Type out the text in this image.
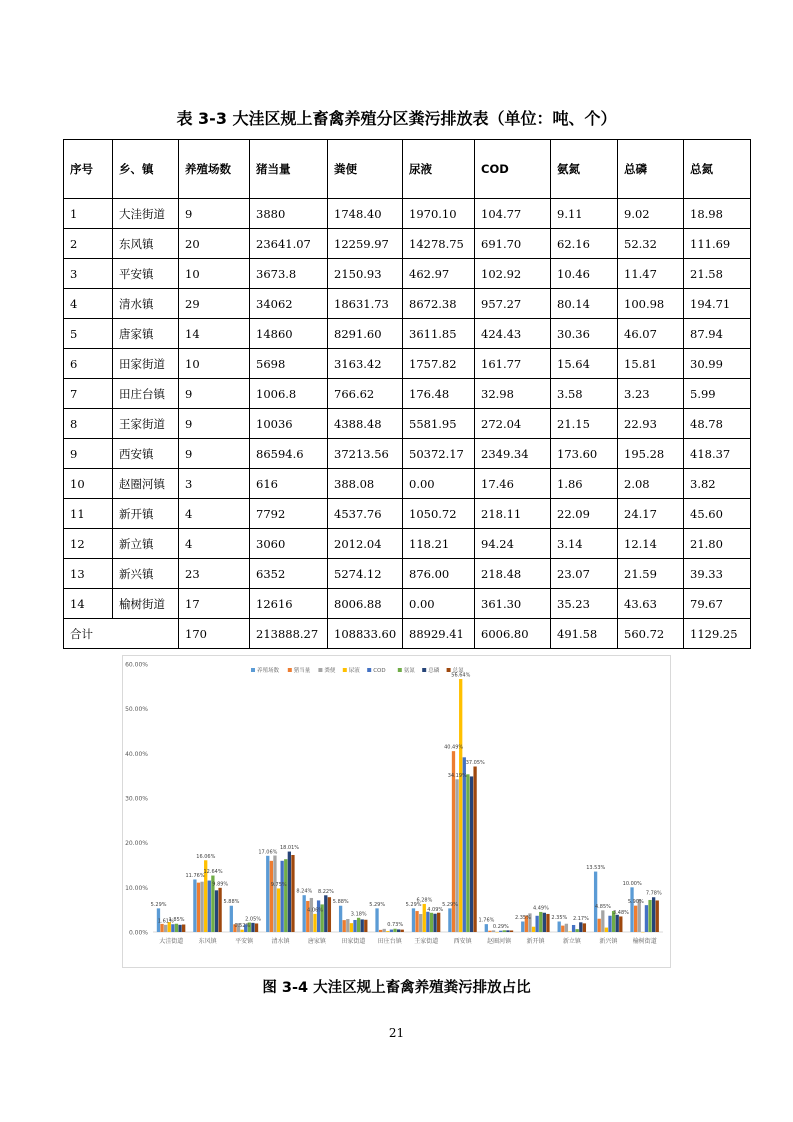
表 3-3 大洼区规上畜禽养殖分区粪污排放表（单位：吨、个）
序号	乡、镇	养殖场数	猪当量	粪便	尿液	COD	氨氮	总磷	总氮
1	大洼街道	9	3880	1748.40	1970.10	104.77	9.11	9.02	18.98
2	东风镇	20	23641.07	12259.97	14278.75	691.70	62.16	52.32	111.69
3	平安镇	10	3673.8	2150.93	462.97	102.92	10.46	11.47	21.58
4	清水镇	29	34062	18631.73	8672.38	957.27	80.14	100.98	194.71
5	唐家镇	14	14860	8291.60	3611.85	424.43	30.36	46.07	87.94
6	田家街道	10	5698	3163.42	1757.82	161.77	15.64	15.81	30.99
7	田庄台镇	9	1006.8	766.62	176.48	32.98	3.58	3.23	5.99
8	王家街道	9	10036	4388.48	5581.95	272.04	21.15	22.93	48.78
9	西安镇	9	86594.6	37213.56	50372.17	2349.34	173.60	195.28	418.37
10	赵圈河镇	3	616	388.08	0.00	17.46	1.86	2.08	3.82
11	新开镇	4	7792	4537.76	1050.72	218.11	22.09	24.17	45.60
12	新立镇	4	3060	2012.04	118.21	94.24	3.14	12.14	21.80
13	新兴镇	23	6352	5274.12	876.00	218.48	23.07	21.59	39.33
14	榆树街道	17	12616	8006.88	0.00	361.30	35.23	43.63	79.67
合计		170	213888.27	108833.60	88929.41	6006.80	491.58	560.72	1129.25
0.00%
10.00%
20.00%
30.00%
40.00%
50.00%
60.00%
养殖场数	猪当量	粪便 尿液 COD	氨氮 总磷 总氮
大洼街道	东风镇	平安镇	清水镇	唐家镇	田家街道 田庄台镇 王家街道	西安镇	赵圈河镇	新开镇	新立镇	新兴镇	榆树街道
5.29%
1.61%
1.85%
11.76%
16.06%
12.64%
9.89%
5.88%
0.52%
2.05%
17.06%
9.75%
18.01%
8.24%
4.06%
8.22%
5.88%
3.18%
5.29%
0.73%
5.29%
6.28%
4.09%
5.29%
40.49%
56.64%
34.19%
37.05%
1.76%
0.29%
2.35%
4.49%
2.35% 2.17%
13.53%
4.85%
3.48%
10.00%
5.90%
7.78%
图 3-4 大洼区规上畜禽养殖粪污排放占比
21
